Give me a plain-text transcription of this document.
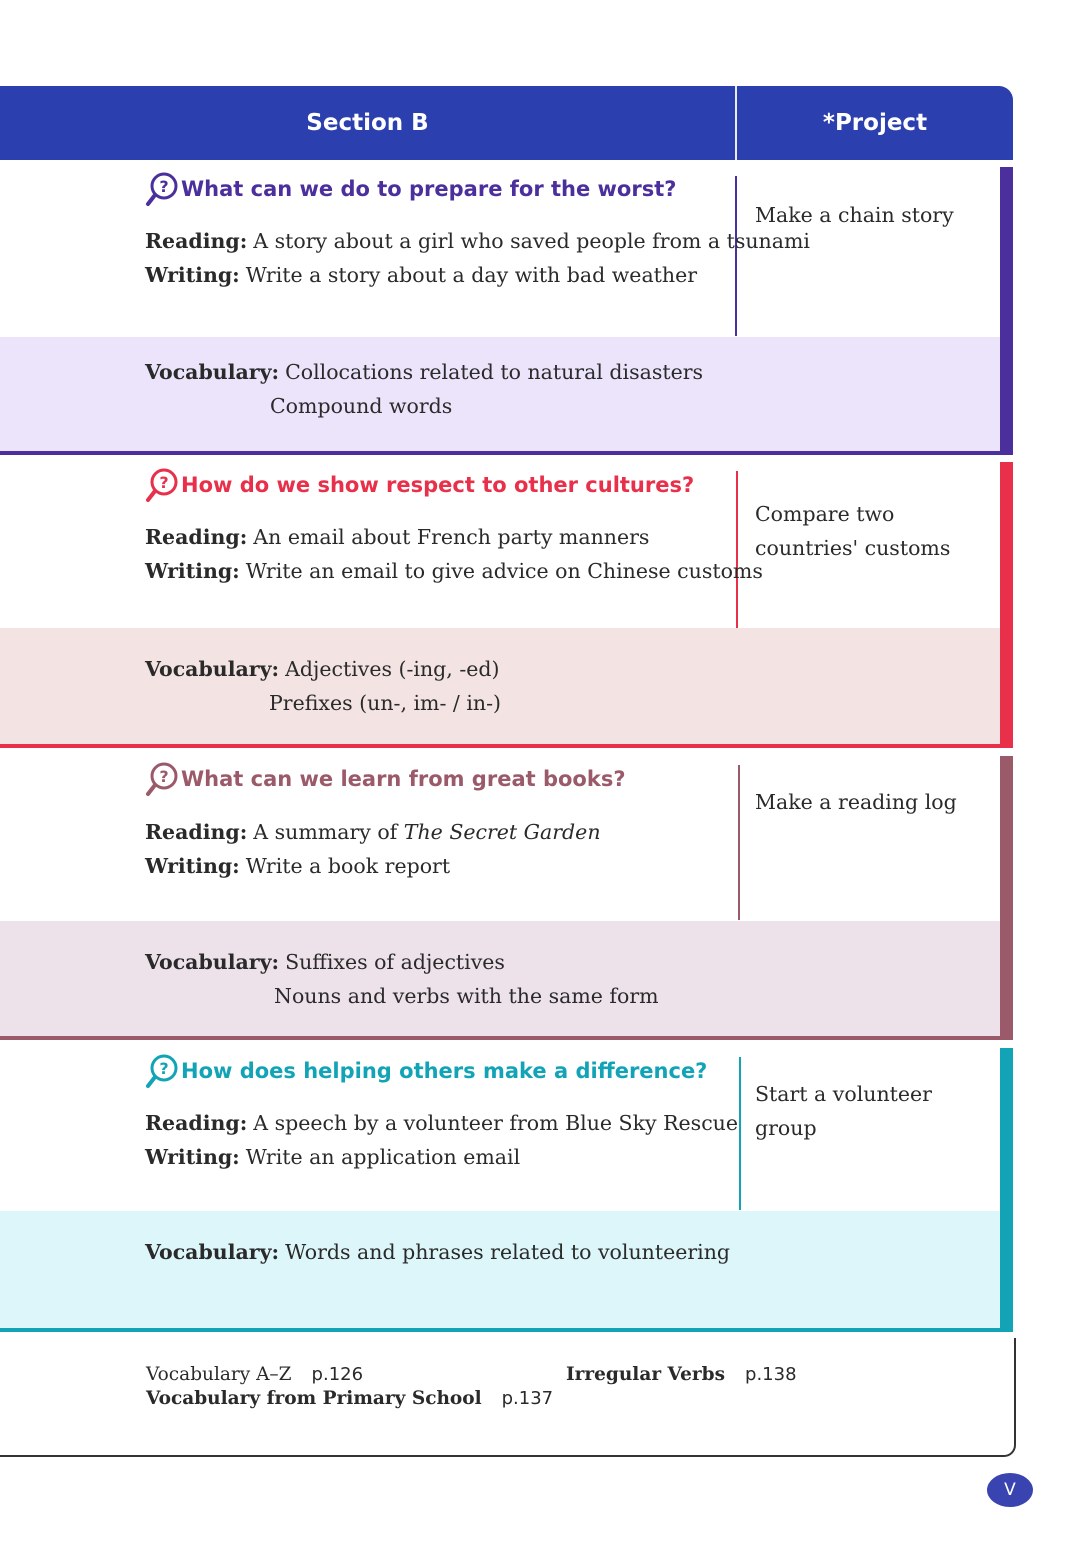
Section B	*Project
? What can we do to prepare for the worst?
Reading: A story about a girl who saved people from a tsunami
Writing: Write a story about a day with bad weather
Vocabulary: Collocations related to natural disasters
Compound words
Make a chain story
? How do we show respect to other cultures?
Reading: An email about French party manners
Writing: Write an email to give advice on Chinese customs
Vocabulary: Adjectives (-ing, -ed)
Prefixes (un-, im- / in-)
Compare two countries' customs
? What can we learn from great books?
Reading: A summary of The Secret Garden
Writing: Write a book report
Vocabulary: Suffixes of adjectives
Nouns and verbs with the same form
Make a reading log
? How does helping others make a difference?
Reading: A speech by a volunteer from Blue Sky Rescue
Writing: Write an application email
Vocabulary: Words and phrases related to volunteering
Start a volunteer group
Vocabulary A–Z p.126
Vocabulary from Primary School p.137
Irregular Verbs p.138
V
